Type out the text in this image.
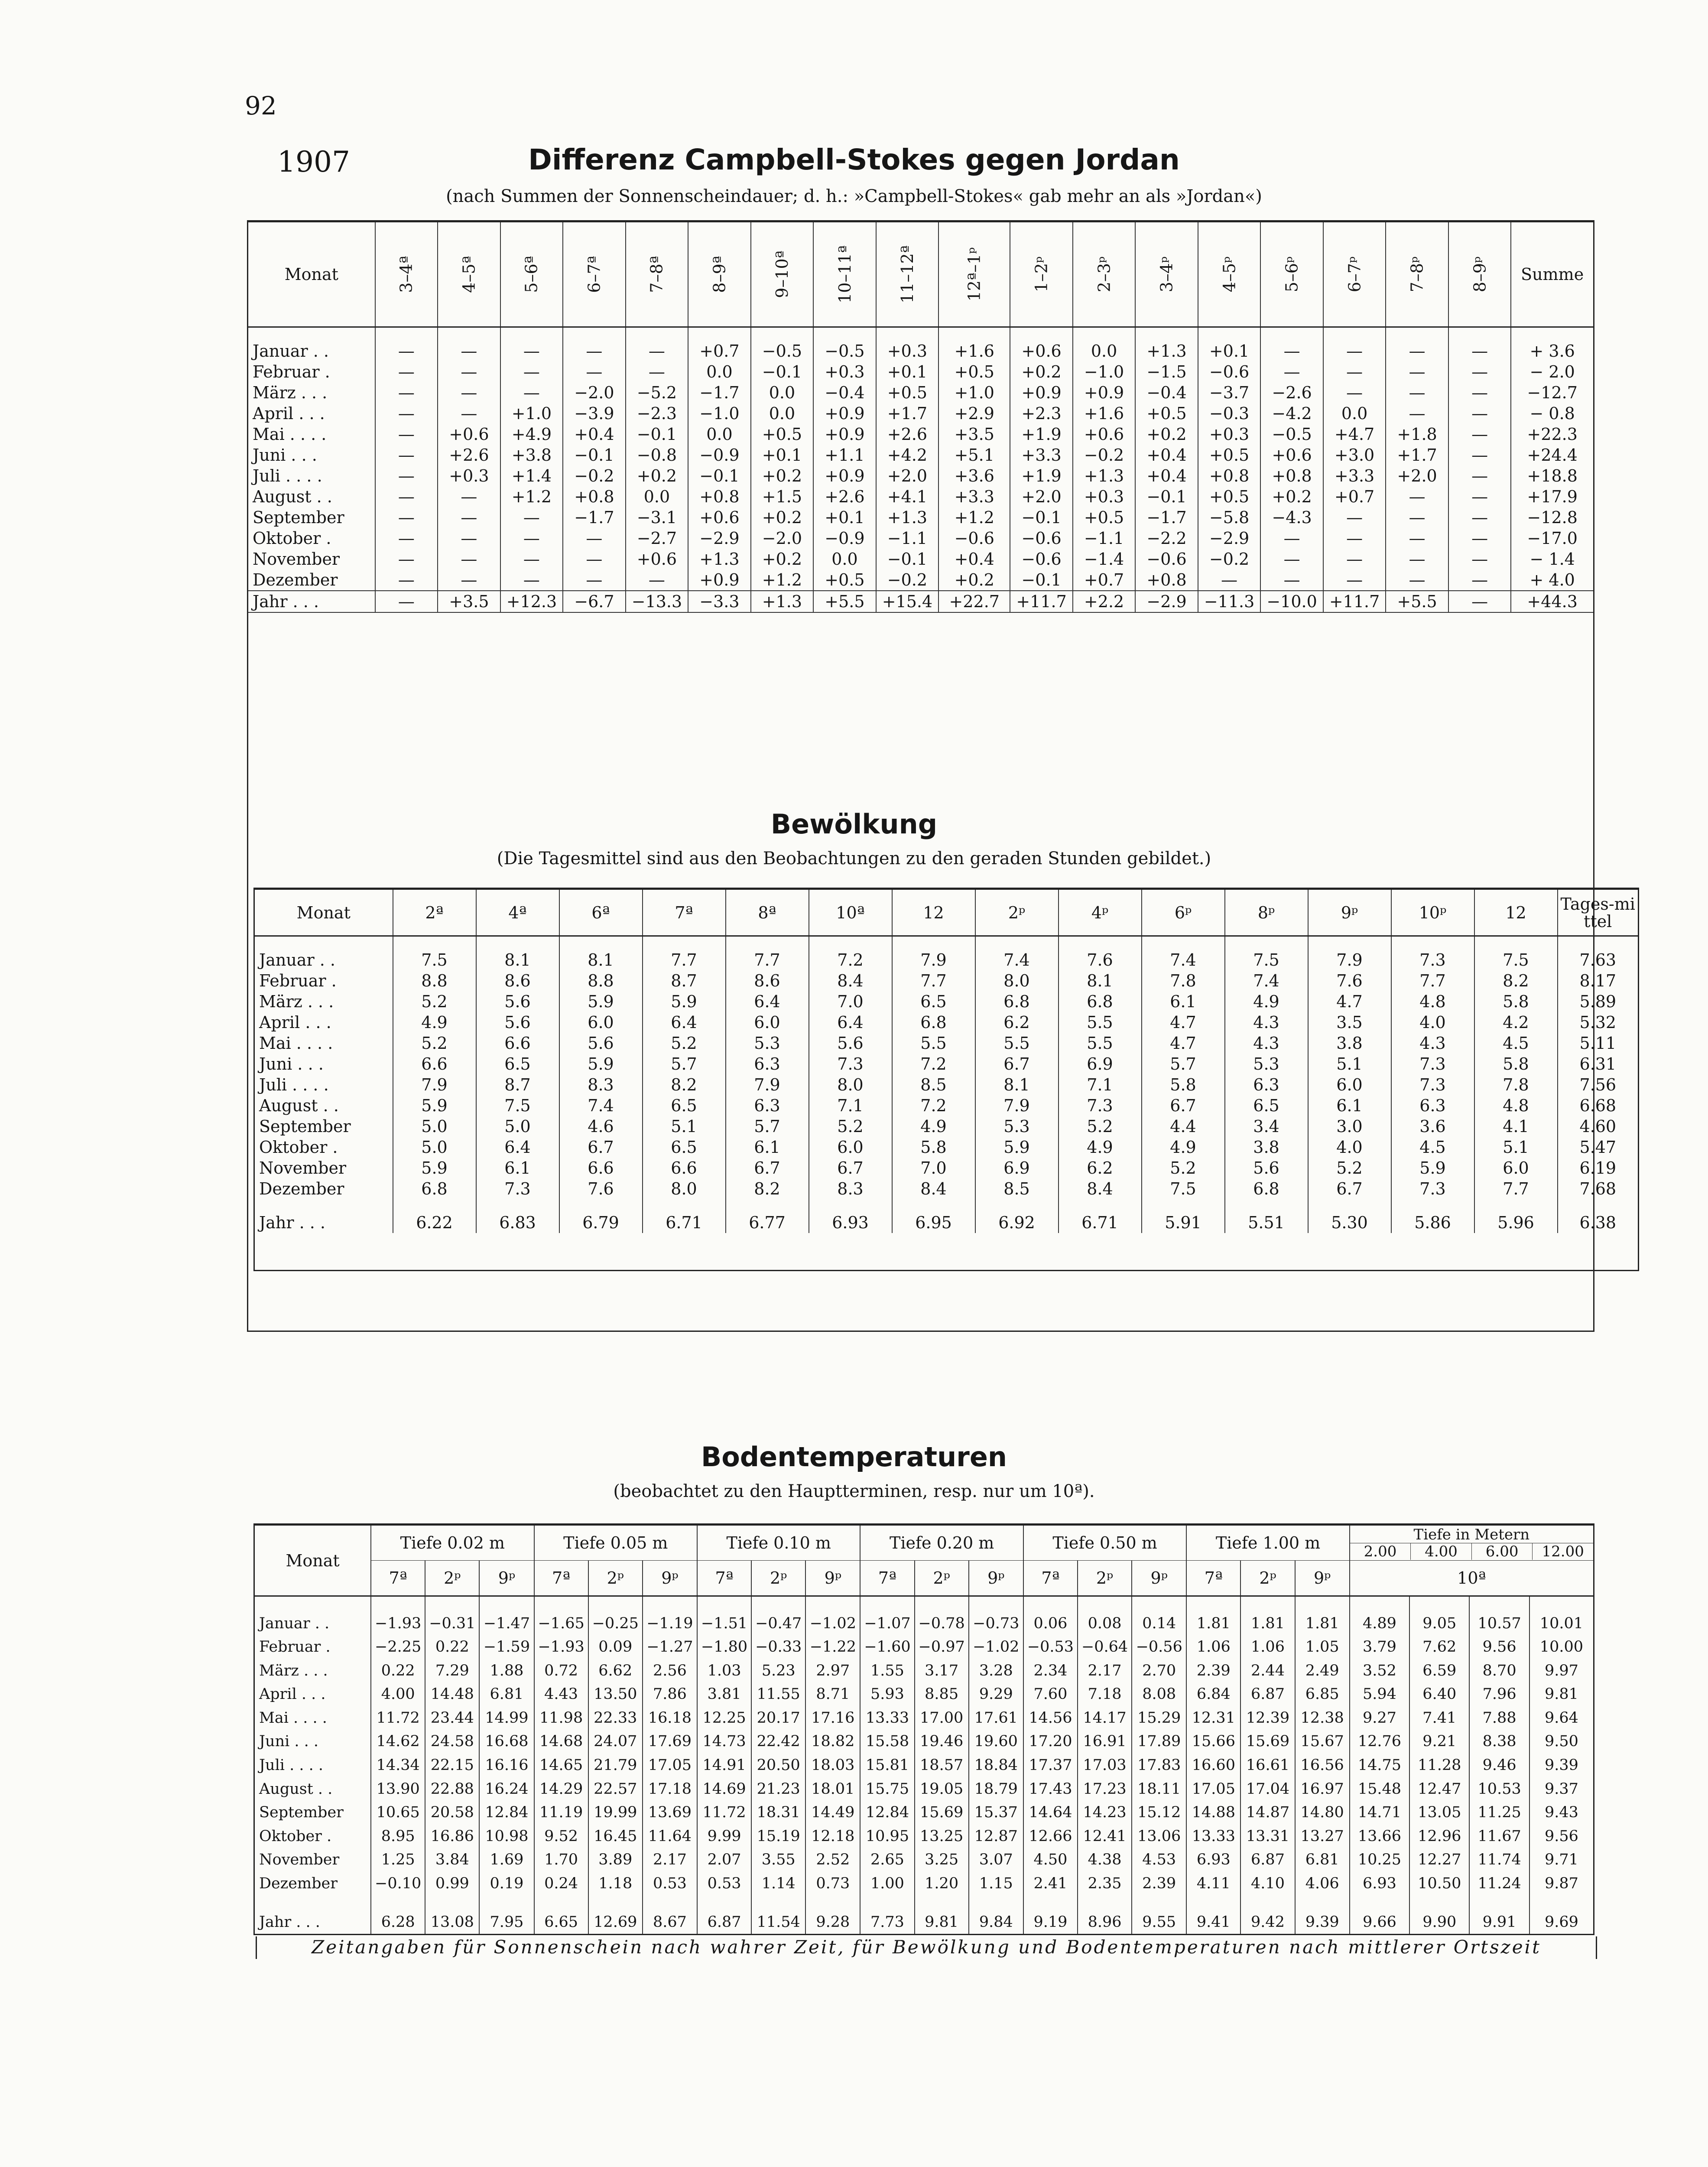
92
1907	Differenz Campbell-Stokes gegen Jordan
(nach Summen der Sonnenscheindauer; d. h.: »Campbell-Stokes« gab mehr an als »Jordan«)
Monat	3–4ª	4–5ª	5–6ª	6–7ª	7–8ª	8–9ª	9–10ª	10–11ª	11–12ª	12ª–1ᵖ	1–2ᵖ	2–3ᵖ	3–4ᵖ	4–5ᵖ	5–6ᵖ	6–7ᵖ	7–8ᵖ	8–9ᵖ	Summe

Januar . .	—	—	—	—	—	+0.7	−0.5	−0.5	+0.3	+1.6	+0.6	0.0	+1.3	+0.1	—	—	—	—	+ 3.6
Februar .	—	—	—	—	—	0.0	−0.1	+0.3	+0.1	+0.5	+0.2	−1.0	−1.5	−0.6	—	—	—	—	− 2.0
März . . .	—	—	—	−2.0	−5.2	−1.7	0.0	−0.4	+0.5	+1.0	+0.9	+0.9	−0.4	−3.7	−2.6	—	—	—	−12.7
April . . .	—	—	+1.0	−3.9	−2.3	−1.0	0.0	+0.9	+1.7	+2.9	+2.3	+1.6	+0.5	−0.3	−4.2	0.0	—	—	− 0.8
Mai . . . .	—	+0.6	+4.9	+0.4	−0.1	0.0	+0.5	+0.9	+2.6	+3.5	+1.9	+0.6	+0.2	+0.3	−0.5	+4.7	+1.8	—	+22.3
Juni . . .	—	+2.6	+3.8	−0.1	−0.8	−0.9	+0.1	+1.1	+4.2	+5.1	+3.3	−0.2	+0.4	+0.5	+0.6	+3.0	+1.7	—	+24.4
Juli . . . .	—	+0.3	+1.4	−0.2	+0.2	−0.1	+0.2	+0.9	+2.0	+3.6	+1.9	+1.3	+0.4	+0.8	+0.8	+3.3	+2.0	—	+18.8
August . .	—	—	+1.2	+0.8	0.0	+0.8	+1.5	+2.6	+4.1	+3.3	+2.0	+0.3	−0.1	+0.5	+0.2	+0.7	—	—	+17.9
September	—	—	—	−1.7	−3.1	+0.6	+0.2	+0.1	+1.3	+1.2	−0.1	+0.5	−1.7	−5.8	−4.3	—	—	—	−12.8
Oktober .	—	—	—	—	−2.7	−2.9	−2.0	−0.9	−1.1	−0.6	−0.6	−1.1	−2.2	−2.9	—	—	—	—	−17.0
November	—	—	—	—	+0.6	+1.3	+0.2	0.0	−0.1	+0.4	−0.6	−1.4	−0.6	−0.2	—	—	—	—	− 1.4
Dezember	—	—	—	—	—	+0.9	+1.2	+0.5	−0.2	+0.2	−0.1	+0.7	+0.8	—	—	—	—	—	+ 4.0
Jahr . . .	—	+3.5	+12.3	−6.7	−13.3	−3.3	+1.3	+5.5	+15.4	+22.7	+11.7	+2.2	−2.9	−11.3	−10.0	+11.7	+5.5	—	+44.3

Bewölkung
(Die Tagesmittel sind aus den Beobachtungen zu den geraden Stunden gebildet.)
Monat	2ª	4ª	6ª	7ª	8ª	10ª	12	2ᵖ	4ᵖ	6ᵖ	8ᵖ	9ᵖ	10ᵖ	12	Tages-mittel

Januar . .	7.5	8.1	8.1	7.7	7.7	7.2	7.9	7.4	7.6	7.4	7.5	7.9	7.3	7.5	7.63
Februar .	8.8	8.6	8.8	8.7	8.6	8.4	7.7	8.0	8.1	7.8	7.4	7.6	7.7	8.2	8.17
März . . .	5.2	5.6	5.9	5.9	6.4	7.0	6.5	6.8	6.8	6.1	4.9	4.7	4.8	5.8	5.89
April . . .	4.9	5.6	6.0	6.4	6.0	6.4	6.8	6.2	5.5	4.7	4.3	3.5	4.0	4.2	5.32
Mai . . . .	5.2	6.6	5.6	5.2	5.3	5.6	5.5	5.5	5.5	4.7	4.3	3.8	4.3	4.5	5.11
Juni . . .	6.6	6.5	5.9	5.7	6.3	7.3	7.2	6.7	6.9	5.7	5.3	5.1	7.3	5.8	6.31
Juli . . . .	7.9	8.7	8.3	8.2	7.9	8.0	8.5	8.1	7.1	5.8	6.3	6.0	7.3	7.8	7.56
August . .	5.9	7.5	7.4	6.5	6.3	7.1	7.2	7.9	7.3	6.7	6.5	6.1	6.3	4.8	6.68
September	5.0	5.0	4.6	5.1	5.7	5.2	4.9	5.3	5.2	4.4	3.4	3.0	3.6	4.1	4.60
Oktober .	5.0	6.4	6.7	6.5	6.1	6.0	5.8	5.9	4.9	4.9	3.8	4.0	4.5	5.1	5.47
November	5.9	6.1	6.6	6.6	6.7	6.7	7.0	6.9	6.2	5.2	5.6	5.2	5.9	6.0	6.19
Dezember	6.8	7.3	7.6	8.0	8.2	8.3	8.4	8.5	8.4	7.5	6.8	6.7	7.3	7.7	7.68

Jahr . . .	6.22	6.83	6.79	6.71	6.77	6.93	6.95	6.92	6.71	5.91	5.51	5.30	5.86	5.96	6.38

Bodentemperaturen
(beobachtet zu den Hauptterminen, resp. nur um 10ª).
Monat	Tiefe 0.02 m			Tiefe 0.05 m			Tiefe 0.10 m			Tiefe 0.20 m			Tiefe 0.50 m			Tiefe 1.00 m			Tiefe in Metern
2.00 4.00 6.00 12.00			

	7ª	2ᵖ	9ᵖ	7ª	2ᵖ	9ᵖ	7ª	2ᵖ	9ᵖ	7ª	2ᵖ	9ᵖ	7ª	2ᵖ	9ᵖ	7ª	2ᵖ	9ᵖ	10ª			

Januar . .	−1.93	−0.31	−1.47	−1.65	−0.25	−1.19	−1.51	−0.47	−1.02	−1.07	−0.78	−0.73	0.06	0.08	0.14	1.81	1.81	1.81	4.89	9.05	10.57	10.01
Februar .	−2.25	0.22	−1.59	−1.93	0.09	−1.27	−1.80	−0.33	−1.22	−1.60	−0.97	−1.02	−0.53	−0.64	−0.56	1.06	1.06	1.05	3.79	7.62	9.56	10.00
März . . .	0.22	7.29	1.88	0.72	6.62	2.56	1.03	5.23	2.97	1.55	3.17	3.28	2.34	2.17	2.70	2.39	2.44	2.49	3.52	6.59	8.70	9.97
April . . .	4.00	14.48	6.81	4.43	13.50	7.86	3.81	11.55	8.71	5.93	8.85	9.29	7.60	7.18	8.08	6.84	6.87	6.85	5.94	6.40	7.96	9.81
Mai . . . .	11.72	23.44	14.99	11.98	22.33	16.18	12.25	20.17	17.16	13.33	17.00	17.61	14.56	14.17	15.29	12.31	12.39	12.38	9.27	7.41	7.88	9.64
Juni . . .	14.62	24.58	16.68	14.68	24.07	17.69	14.73	22.42	18.82	15.58	19.46	19.60	17.20	16.91	17.89	15.66	15.69	15.67	12.76	9.21	8.38	9.50
Juli . . . .	14.34	22.15	16.16	14.65	21.79	17.05	14.91	20.50	18.03	15.81	18.57	18.84	17.37	17.03	17.83	16.60	16.61	16.56	14.75	11.28	9.46	9.39
August . .	13.90	22.88	16.24	14.29	22.57	17.18	14.69	21.23	18.01	15.75	19.05	18.79	17.43	17.23	18.11	17.05	17.04	16.97	15.48	12.47	10.53	9.37
September	10.65	20.58	12.84	11.19	19.99	13.69	11.72	18.31	14.49	12.84	15.69	15.37	14.64	14.23	15.12	14.88	14.87	14.80	14.71	13.05	11.25	9.43
Oktober .	8.95	16.86	10.98	9.52	16.45	11.64	9.99	15.19	12.18	10.95	13.25	12.87	12.66	12.41	13.06	13.33	13.31	13.27	13.66	12.96	11.67	9.56
November	1.25	3.84	1.69	1.70	3.89	2.17	2.07	3.55	2.52	2.65	3.25	3.07	4.50	4.38	4.53	6.93	6.87	6.81	10.25	12.27	11.74	9.71
Dezember	−0.10	0.99	0.19	0.24	1.18	0.53	0.53	1.14	0.73	1.00	1.20	1.15	2.41	2.35	2.39	4.11	4.10	4.06	6.93	10.50	11.24	9.87

Jahr . . .	6.28	13.08	7.95	6.65	12.69	8.67	6.87	11.54	9.28	7.73	9.81	9.84	9.19	8.96	9.55	9.41	9.42	9.39	9.66	9.90	9.91	9.69
Zeitangaben für Sonnenschein nach wahrer Zeit, für Bewölkung und Bodentemperaturen nach mittlerer Ortszeit
